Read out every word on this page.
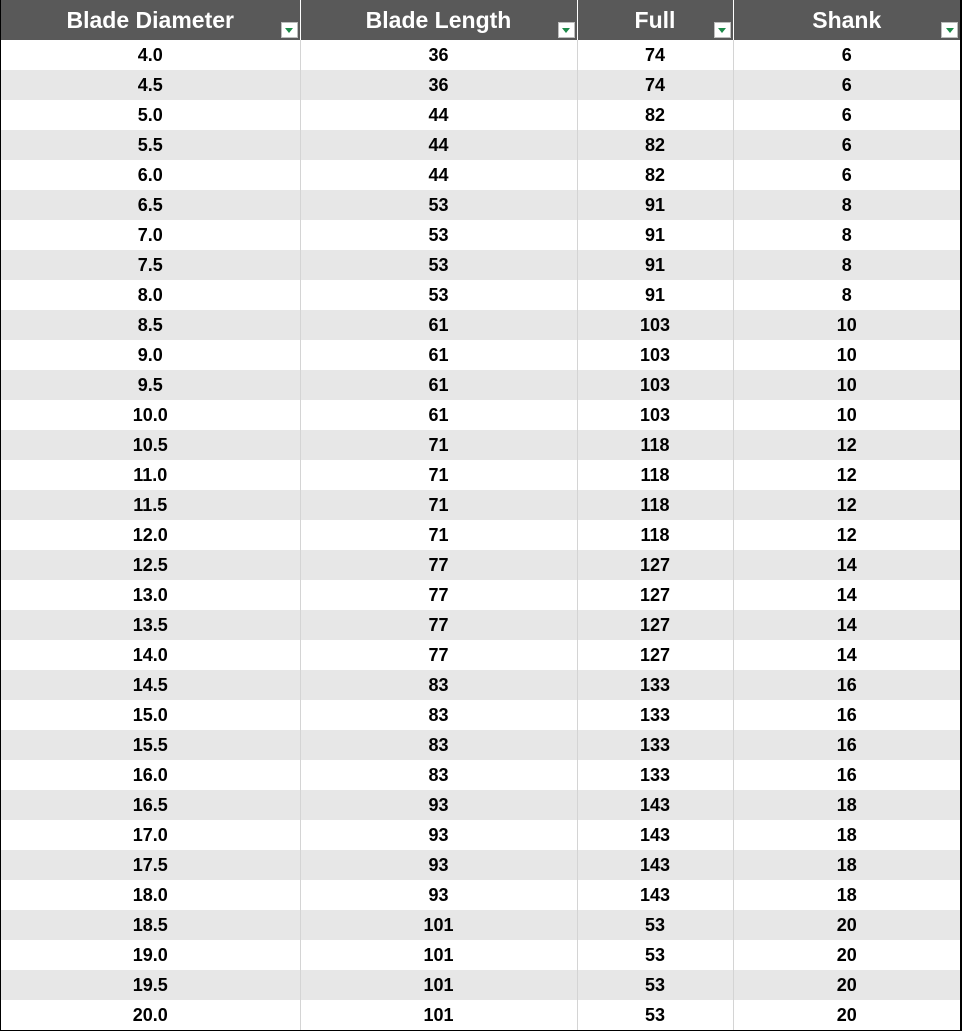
Blade Diameter	Blade Length	Full	Shank

4.0	36	74	6
4.5	36	74	6
5.0	44	82	6
5.5	44	82	6
6.0	44	82	6
6.5	53	91	8
7.0	53	91	8
7.5	53	91	8
8.0	53	91	8
8.5	61	103	10
9.0	61	103	10
9.5	61	103	10
10.0	61	103	10
10.5	71	118	12
11.0	71	118	12
11.5	71	118	12
12.0	71	118	12
12.5	77	127	14
13.0	77	127	14
13.5	77	127	14
14.0	77	127	14
14.5	83	133	16
15.0	83	133	16
15.5	83	133	16
16.0	83	133	16
16.5	93	143	18
17.0	93	143	18
17.5	93	143	18
18.0	93	143	18
18.5	101	53	20
19.0	101	53	20
19.5	101	53	20
20.0	101	53	20
